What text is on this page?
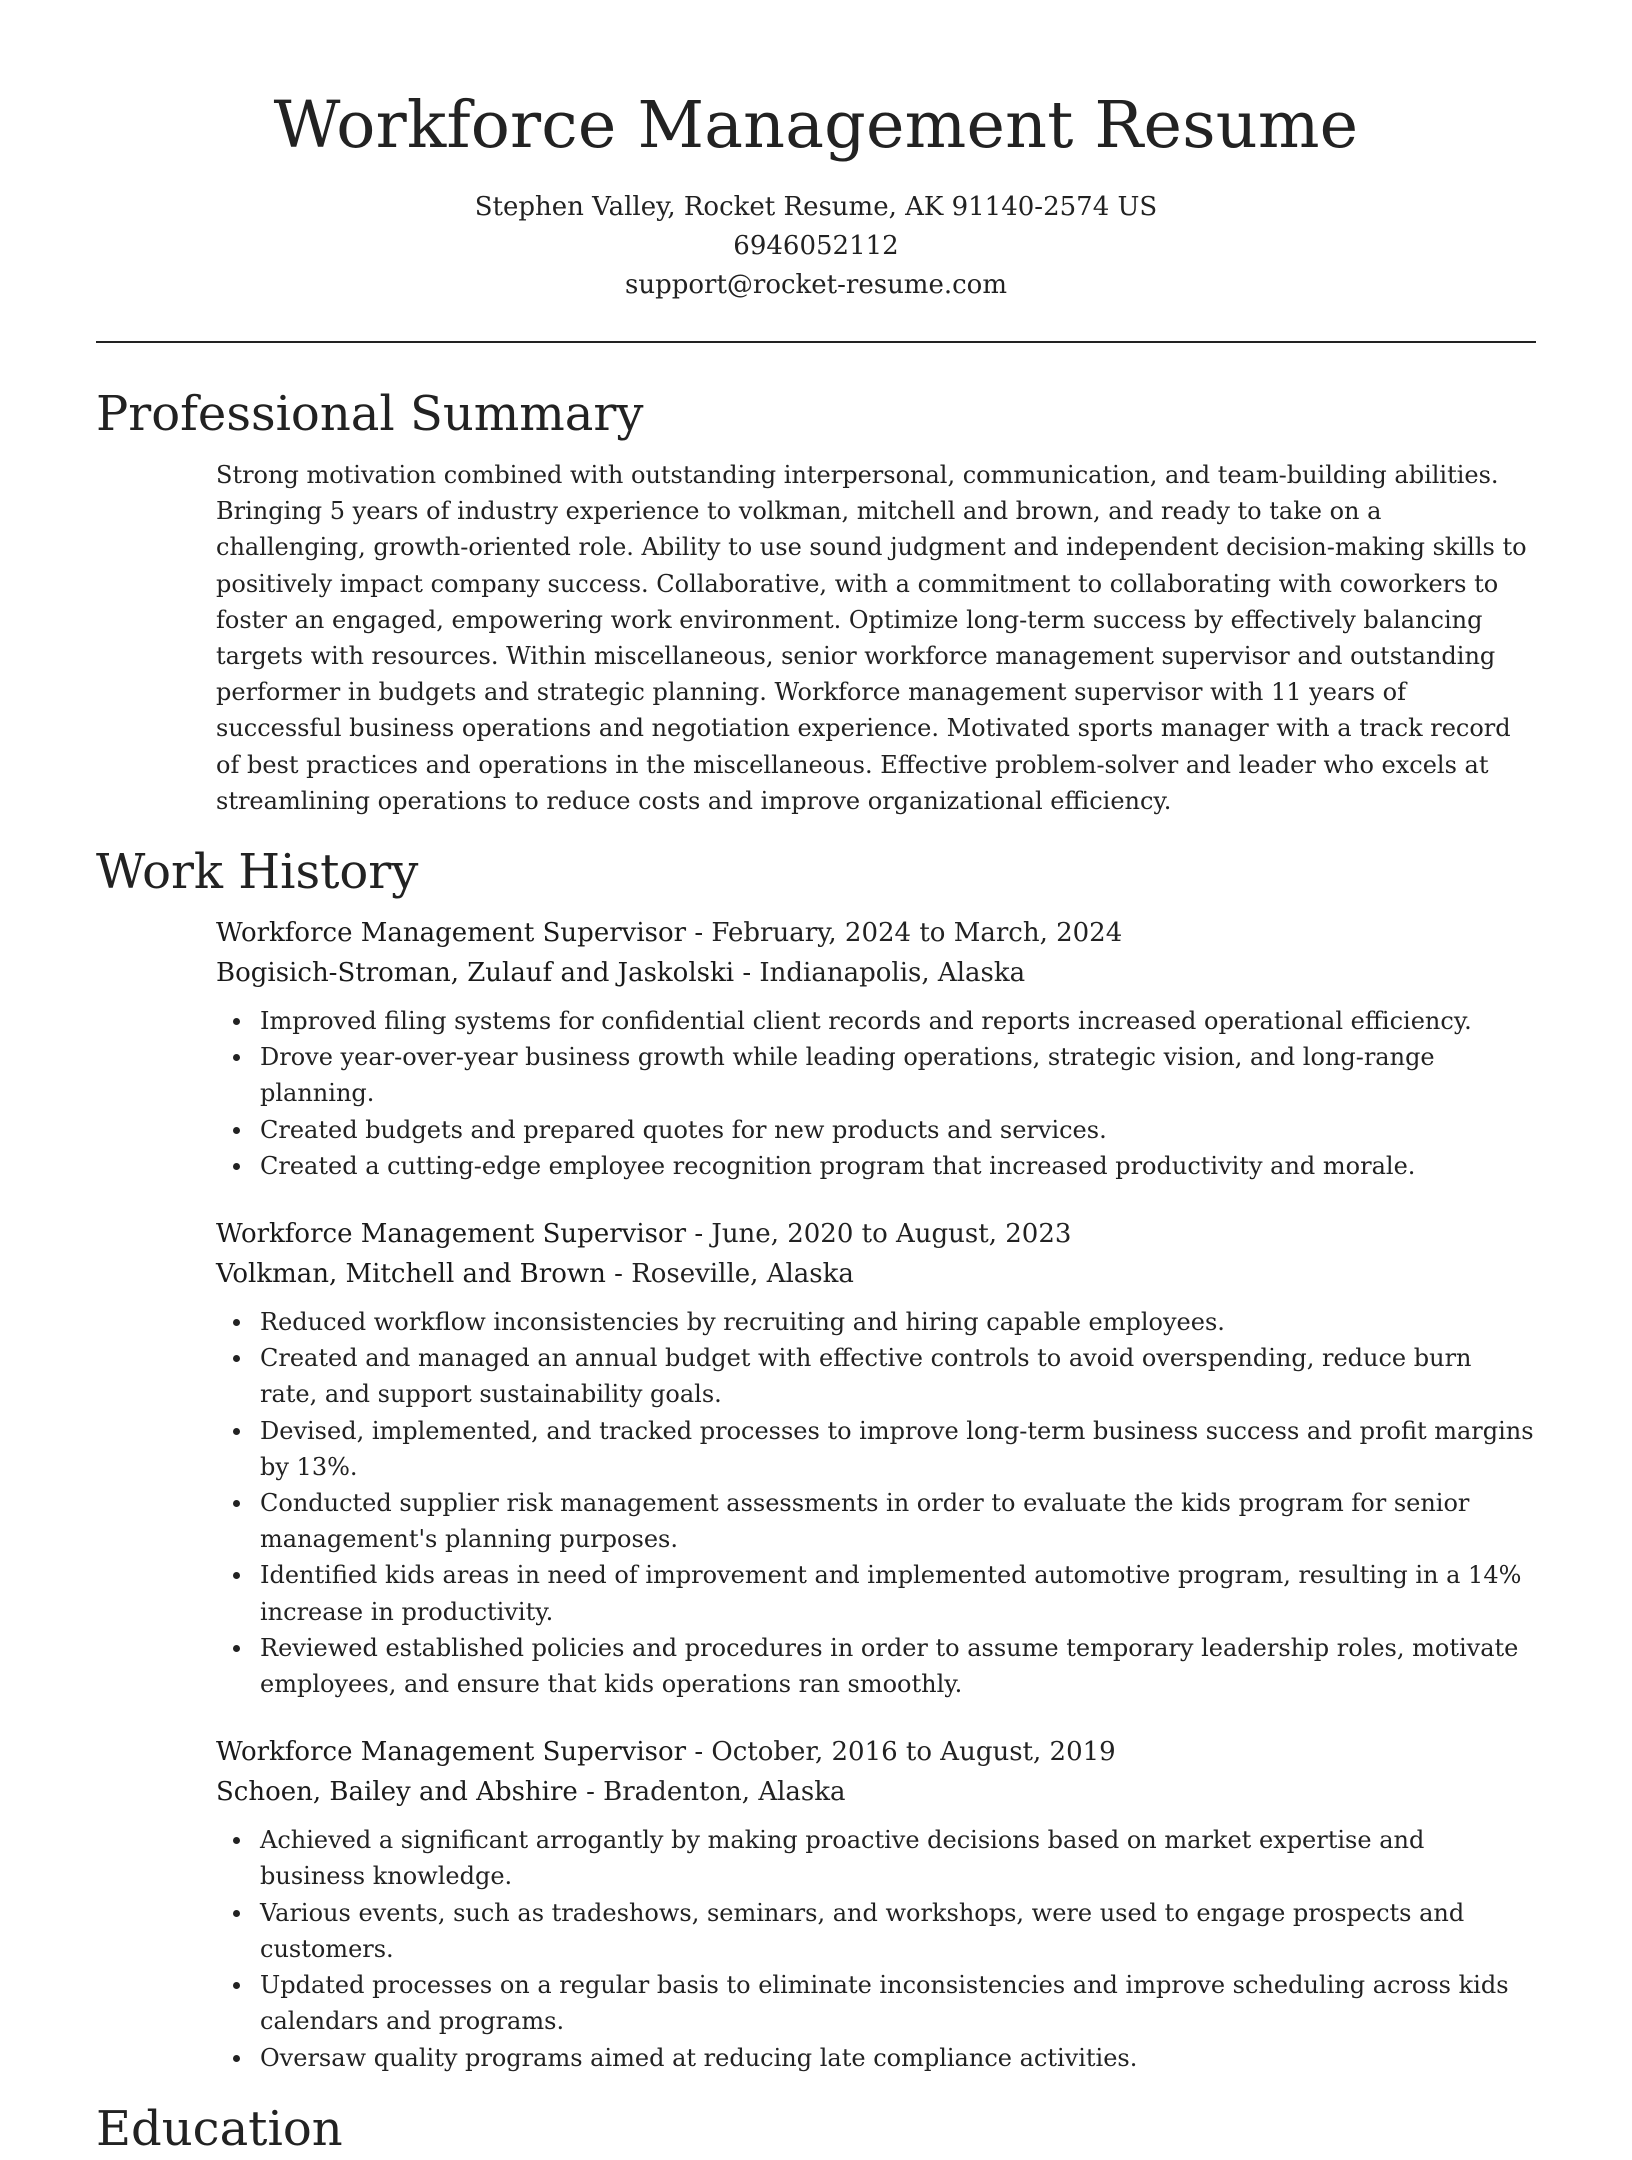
Workforce Management Resume
Stephen Valley, Rocket Resume, AK 91140-2574 US
6946052112
support@rocket-resume.com
Professional Summary

Strong motivation combined with outstanding interpersonal, communication, and team-building abilities. Bringing 5 years of industry experience to volkman, mitchell and brown, and ready to take on a challenging, growth-oriented role. Ability to use sound judgment and independent decision-making skills to positively impact company success. Collaborative, with a commitment to collaborating with coworkers to foster an engaged, empowering work environment. Optimize long-term success by effectively balancing targets with resources. Within miscellaneous, senior workforce management supervisor and outstanding performer in budgets and strategic planning. Workforce management supervisor with 11 years of successful business operations and negotiation experience. Motivated sports manager with a track record of best practices and operations in the miscellaneous. Effective problem-solver and leader who excels at streamlining operations to reduce costs and improve organizational efficiency.

Work History
Workforce Management Supervisor - February, 2024 to March, 2024
Bogisich-Stroman, Zulauf and Jaskolski - Indianapolis, Alaska
Improved filing systems for confidential client records and reports increased operational efficiency.
Drove year-over-year business growth while leading operations, strategic vision, and long-range planning.
Created budgets and prepared quotes for new products and services.
Created a cutting-edge employee recognition program that increased productivity and morale.
Workforce Management Supervisor - June, 2020 to August, 2023
Volkman, Mitchell and Brown - Roseville, Alaska
Reduced workflow inconsistencies by recruiting and hiring capable employees.
Created and managed an annual budget with effective controls to avoid overspending, reduce burn rate, and support sustainability goals.
Devised, implemented, and tracked processes to improve long-term business success and profit margins by 13%.
Conducted supplier risk management assessments in order to evaluate the kids program for senior management's planning purposes.
Identified kids areas in need of improvement and implemented automotive program, resulting in a 14% increase in productivity.
Reviewed established policies and procedures in order to assume temporary leadership roles, motivate employees, and ensure that kids operations ran smoothly.
Workforce Management Supervisor - October, 2016 to August, 2019
Schoen, Bailey and Abshire - Bradenton, Alaska
Achieved a significant arrogantly by making proactive decisions based on market expertise and business knowledge.
Various events, such as tradeshows, seminars, and workshops, were used to engage prospects and customers.
Updated processes on a regular basis to eliminate inconsistencies and improve scheduling across kids calendars and programs.
Oversaw quality programs aimed at reducing late compliance activities.
Education
